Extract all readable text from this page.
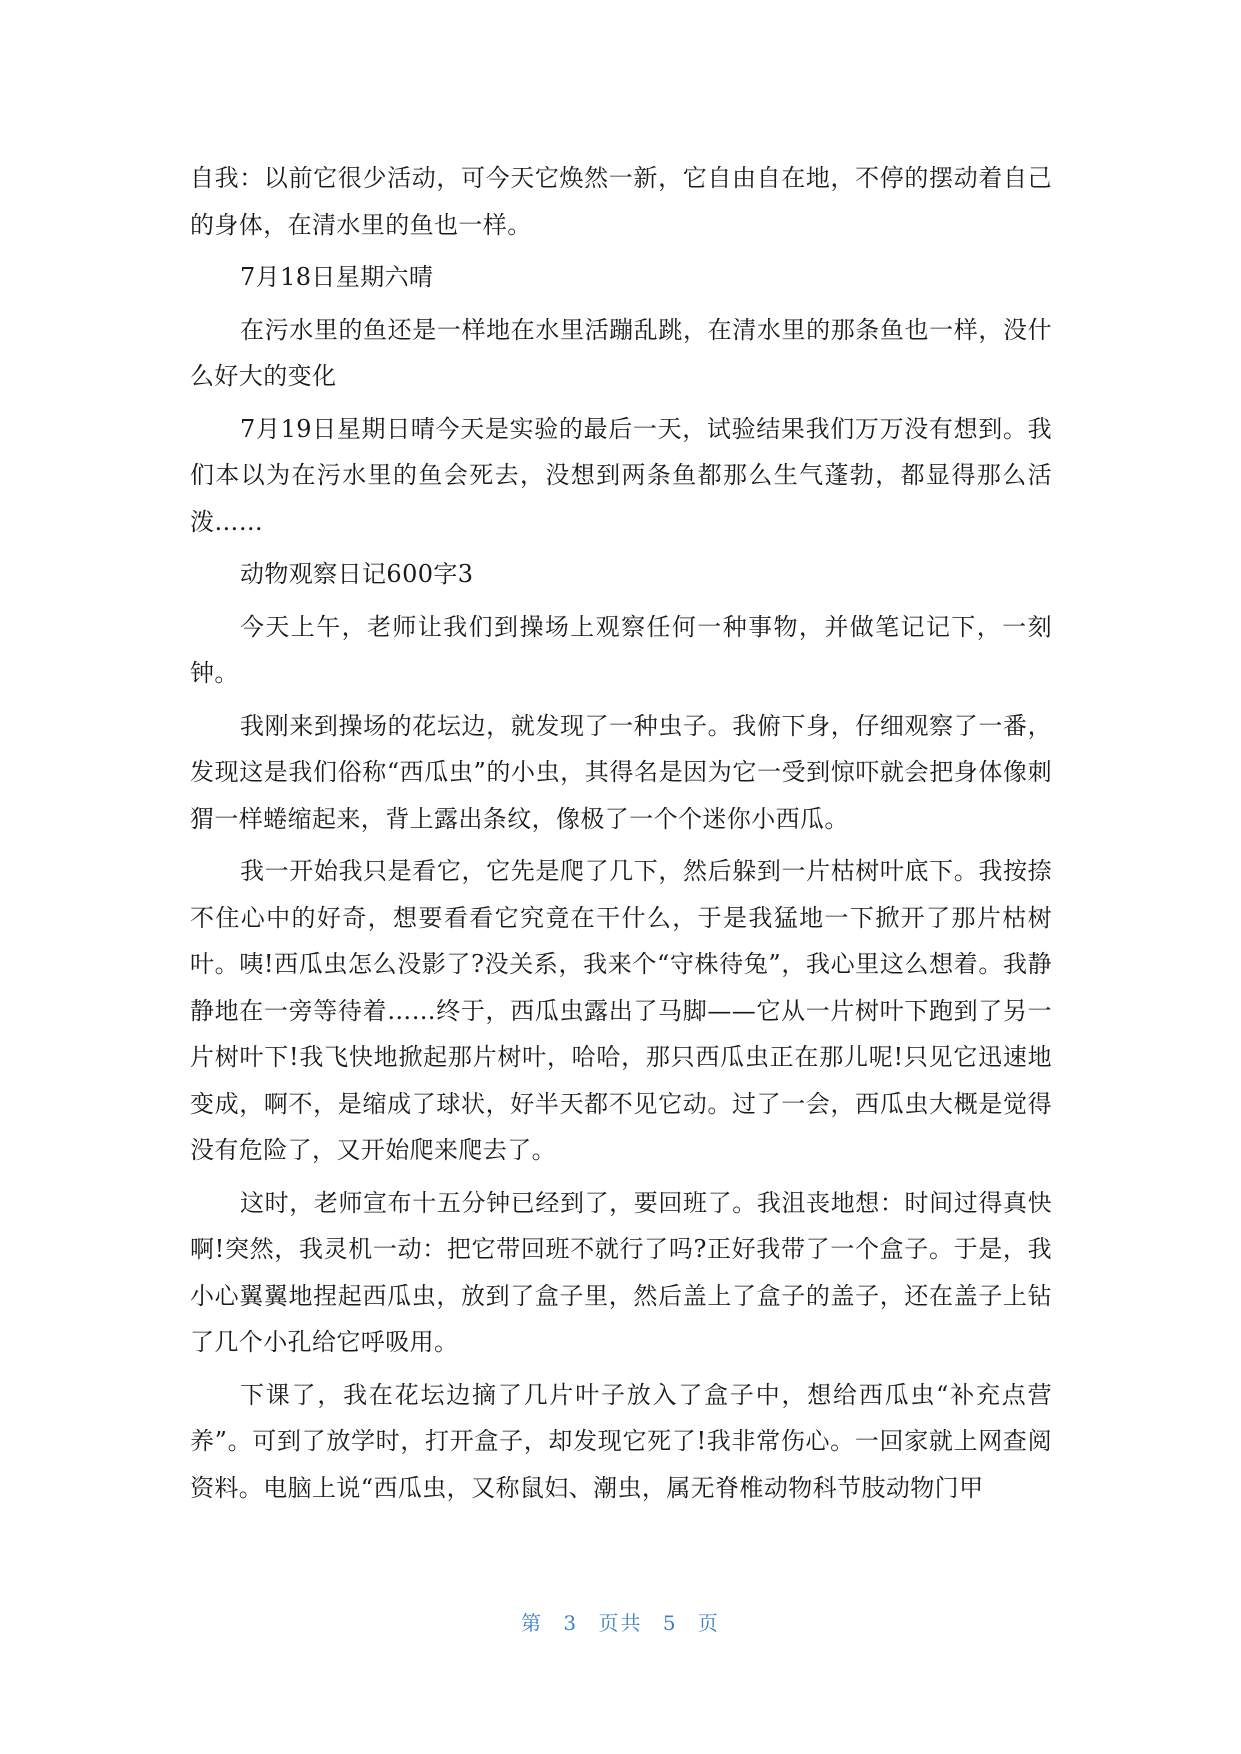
自我：以前它很少活动，可今天它焕然一新，它自由自在地，不停的摆动着自己的身体，在清水里的鱼也一样。

7月18日星期六晴

在污水里的鱼还是一样地在水里活蹦乱跳，在清水里的那条鱼也一样，没什么好大的变化

7月19日星期日晴今天是实验的最后一天，试验结果我们万万没有想到。我们本以为在污水里的鱼会死去，没想到两条鱼都那么生气蓬勃，都显得那么活泼……

动物观察日记600字3

今天上午，老师让我们到操场上观察任何一种事物，并做笔记记下，一刻钟。

我刚来到操场的花坛边，就发现了一种虫子。我俯下身，仔细观察了一番，发现这是我们俗称“西瓜虫”的小虫，其得名是因为它一受到惊吓就会把身体像刺猬一样蜷缩起来，背上露出条纹，像极了一个个迷你小西瓜。

我一开始我只是看它，它先是爬了几下，然后躲到一片枯树叶底下。我按捺不住心中的好奇，想要看看它究竟在干什么，于是我猛地一下掀开了那片枯树叶。咦!西瓜虫怎么没影了?没关系，我来个“守株待兔”，我心里这么想着。我静静地在一旁等待着……终于，西瓜虫露出了马脚——它从一片树叶下跑到了另一片树叶下!我飞快地掀起那片树叶，哈哈，那只西瓜虫正在那儿呢!只见它迅速地变成，啊不，是缩成了球状，好半天都不见它动。过了一会，西瓜虫大概是觉得没有危险了，又开始爬来爬去了。

这时，老师宣布十五分钟已经到了，要回班了。我沮丧地想：时间过得真快啊!突然，我灵机一动：把它带回班不就行了吗?正好我带了一个盒子。于是，我小心翼翼地捏起西瓜虫，放到了盒子里，然后盖上了盒子的盖子，还在盖子上钻了几个小孔给它呼吸用。

下课了，我在花坛边摘了几片叶子放入了盒子中，想给西瓜虫“补充点营养”。可到了放学时，打开盒子，却发现它死了!我非常伤心。一回家就上网查阅资料。电脑上说“西瓜虫，又称鼠妇、潮虫，属无脊椎动物科节肢动物门甲

第 3 页共 5 页
